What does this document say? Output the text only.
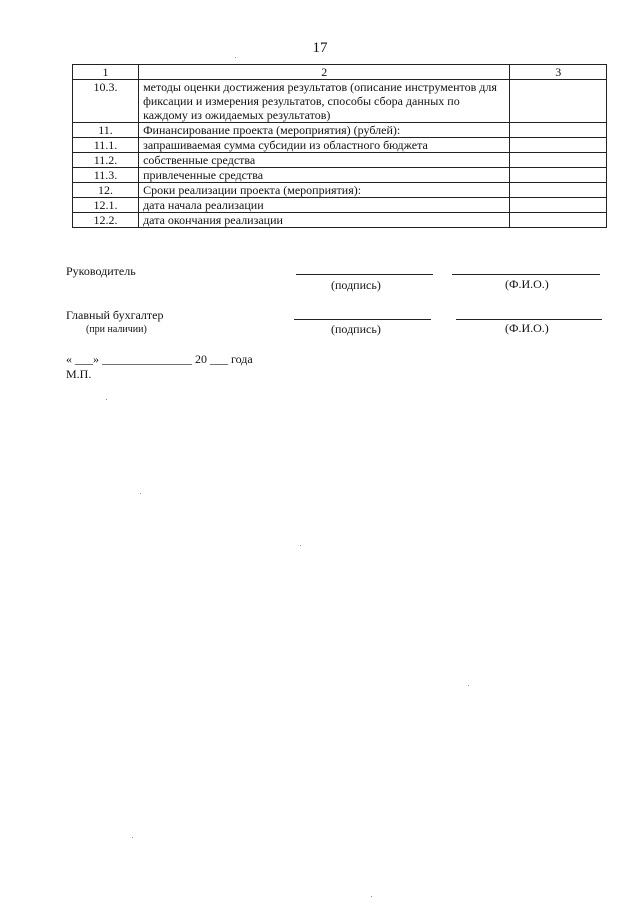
17
1	2	3
10.3.	методы оценки достижения результатов (описание инструментов для фиксации и измерения результатов, способы сбора данных по каждому из ожидаемых результатов)	
11.	Финансирование проекта (мероприятия) (рублей):	
11.1.	запрашиваемая сумма субсидии из областного бюджета	
11.2.	собственные средства	
11.3.	привлеченные средства	
12.	Сроки реализации проекта (мероприятия):	
12.1.	дата начала реализации	
12.2.	дата окончания реализации	
Руководитель
(подпись)	(Ф.И.О.)
Главный бухгалтер
(при наличии)	(подпись)	(Ф.И.О.)
« ___» _______________ 20 ___ года
М.П.
